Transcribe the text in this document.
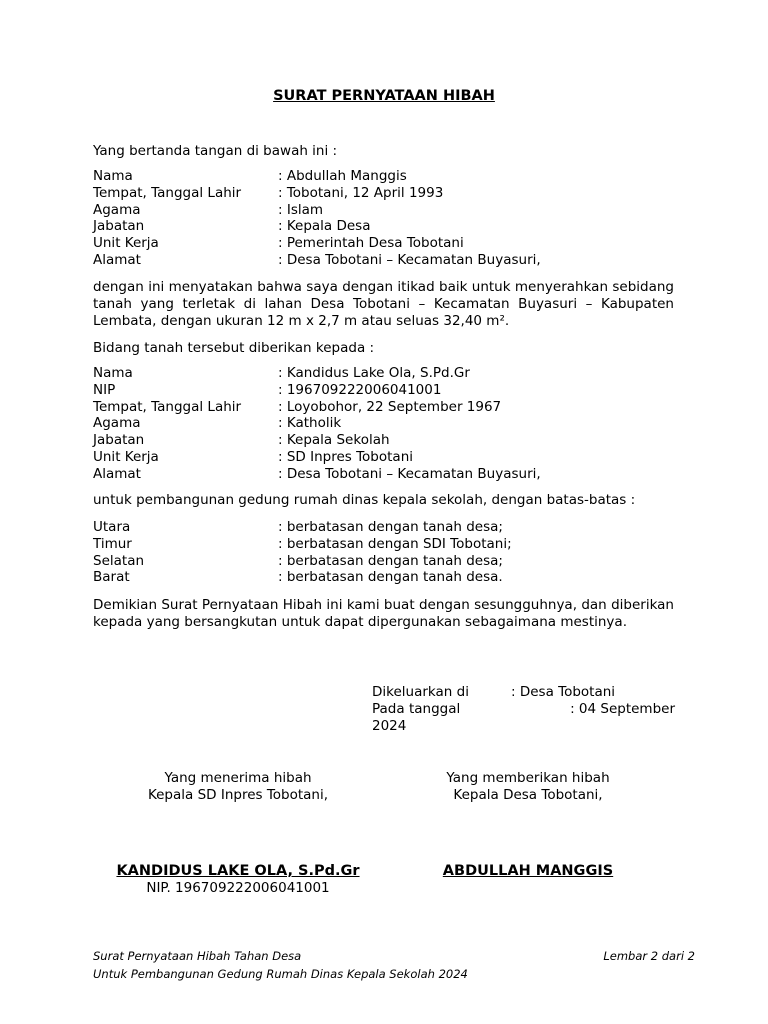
SURAT PERNYATAAN HIBAH
Yang bertanda tangan di bawah ini :
Nama	: Abdullah Manggis
Tempat, Tanggal Lahir	: Tobotani, 12 April 1993
Agama	: Islam
Jabatan	: Kepala Desa
Unit Kerja	: Pemerintah Desa Tobotani
Alamat	: Desa Tobotani – Kecamatan Buyasuri,
dengan ini menyatakan bahwa saya dengan itikad baik untuk menyerahkan sebidang tanah yang terletak di lahan Desa Tobotani – Kecamatan Buyasuri – Kabupaten Lembata, dengan ukuran 12 m x 2,7 m atau seluas 32,40 m².
Bidang tanah tersebut diberikan kepada :
Nama	: Kandidus Lake Ola, S.Pd.Gr
NIP	: 196709222006041001
Tempat, Tanggal Lahir	: Loyobohor, 22 September 1967
Agama	: Katholik
Jabatan	: Kepala Sekolah
Unit Kerja	: SD Inpres Tobotani
Alamat	: Desa Tobotani – Kecamatan Buyasuri,
untuk pembangunan gedung rumah dinas kepala sekolah, dengan batas-batas :
Utara	: berbatasan dengan tanah desa;
Timur	: berbatasan dengan SDI Tobotani;
Selatan	: berbatasan dengan tanah desa;
Barat	: berbatasan dengan tanah desa.
Demikian Surat Pernyataan Hibah ini kami buat dengan sesungguhnya, dan diberikan kepada yang bersangkutan untuk dapat dipergunakan sebagaimana mestinya.
Dikeluarkan di	: Desa Tobotani
Pada tanggal	: 04 September
2024
Yang menerima hibah
Kepala SD Inpres Tobotani,
KANDIDUS LAKE OLA, S.Pd.Gr
NIP. 196709222006041001
Yang memberikan hibah
Kepala Desa Tobotani,
ABDULLAH MANGGIS
Surat Pernyataan Hibah Tahan Desa
Untuk Pembangunan Gedung Rumah Dinas Kepala Sekolah 2024
Lembar 2 dari 2
